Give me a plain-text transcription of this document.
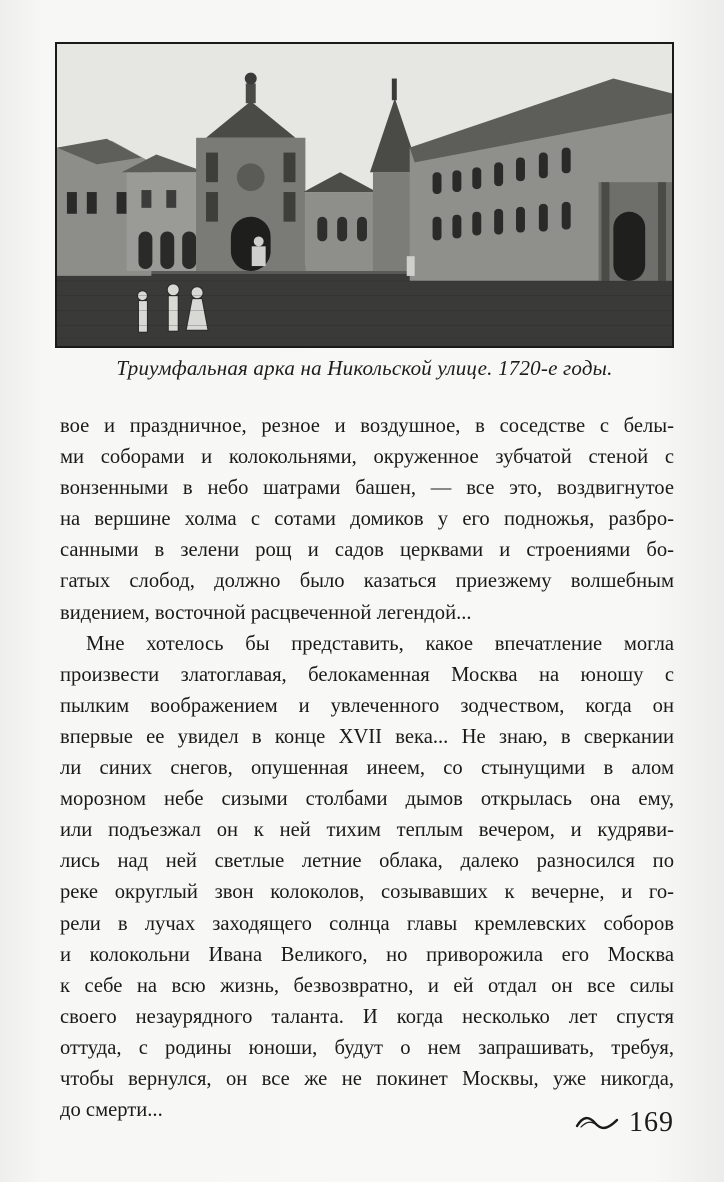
Триумфальная арка на Никольской улице. 1720-е годы.
вое и праздничное, резное и воздушное, в соседстве с белы-
ми соборами и колокольнями, окруженное зубчатой стеной с
вонзенными в небо шатрами башен, — все это, воздвигнутое
на вершине холма с сотами домиков у его подножья, разбро-
санными в зелени рощ и садов церквами и строениями бо-
гатых слобод, должно было казаться приезжему волшебным
видением, восточной расцвеченной легендой...
Мне хотелось бы представить, какое впечатление могла
произвести златоглавая, белокаменная Москва на юношу с
пылким воображением и увлеченного зодчеством, когда он
впервые ее увидел в конце XVII века... Не знаю, в сверкании
ли синих снегов, опушенная инеем, со стынущими в алом
морозном небе сизыми столбами дымов открылась она ему,
или подъезжал он к ней тихим теплым вечером, и кудряви-
лись над ней светлые летние облака, далеко разносился по
реке округлый звон колоколов, созывавших к вечерне, и го-
рели в лучах заходящего солнца главы кремлевских соборов
и колокольни Ивана Великого, но приворожила его Москва
к себе на всю жизнь, безвозвратно, и ей отдал он все силы
своего незаурядного таланта. И когда несколько лет спустя
оттуда, с родины юноши, будут о нем запрашивать, требуя,
чтобы вернулся, он все же не покинет Москвы, уже никогда,
до смерти...	169
